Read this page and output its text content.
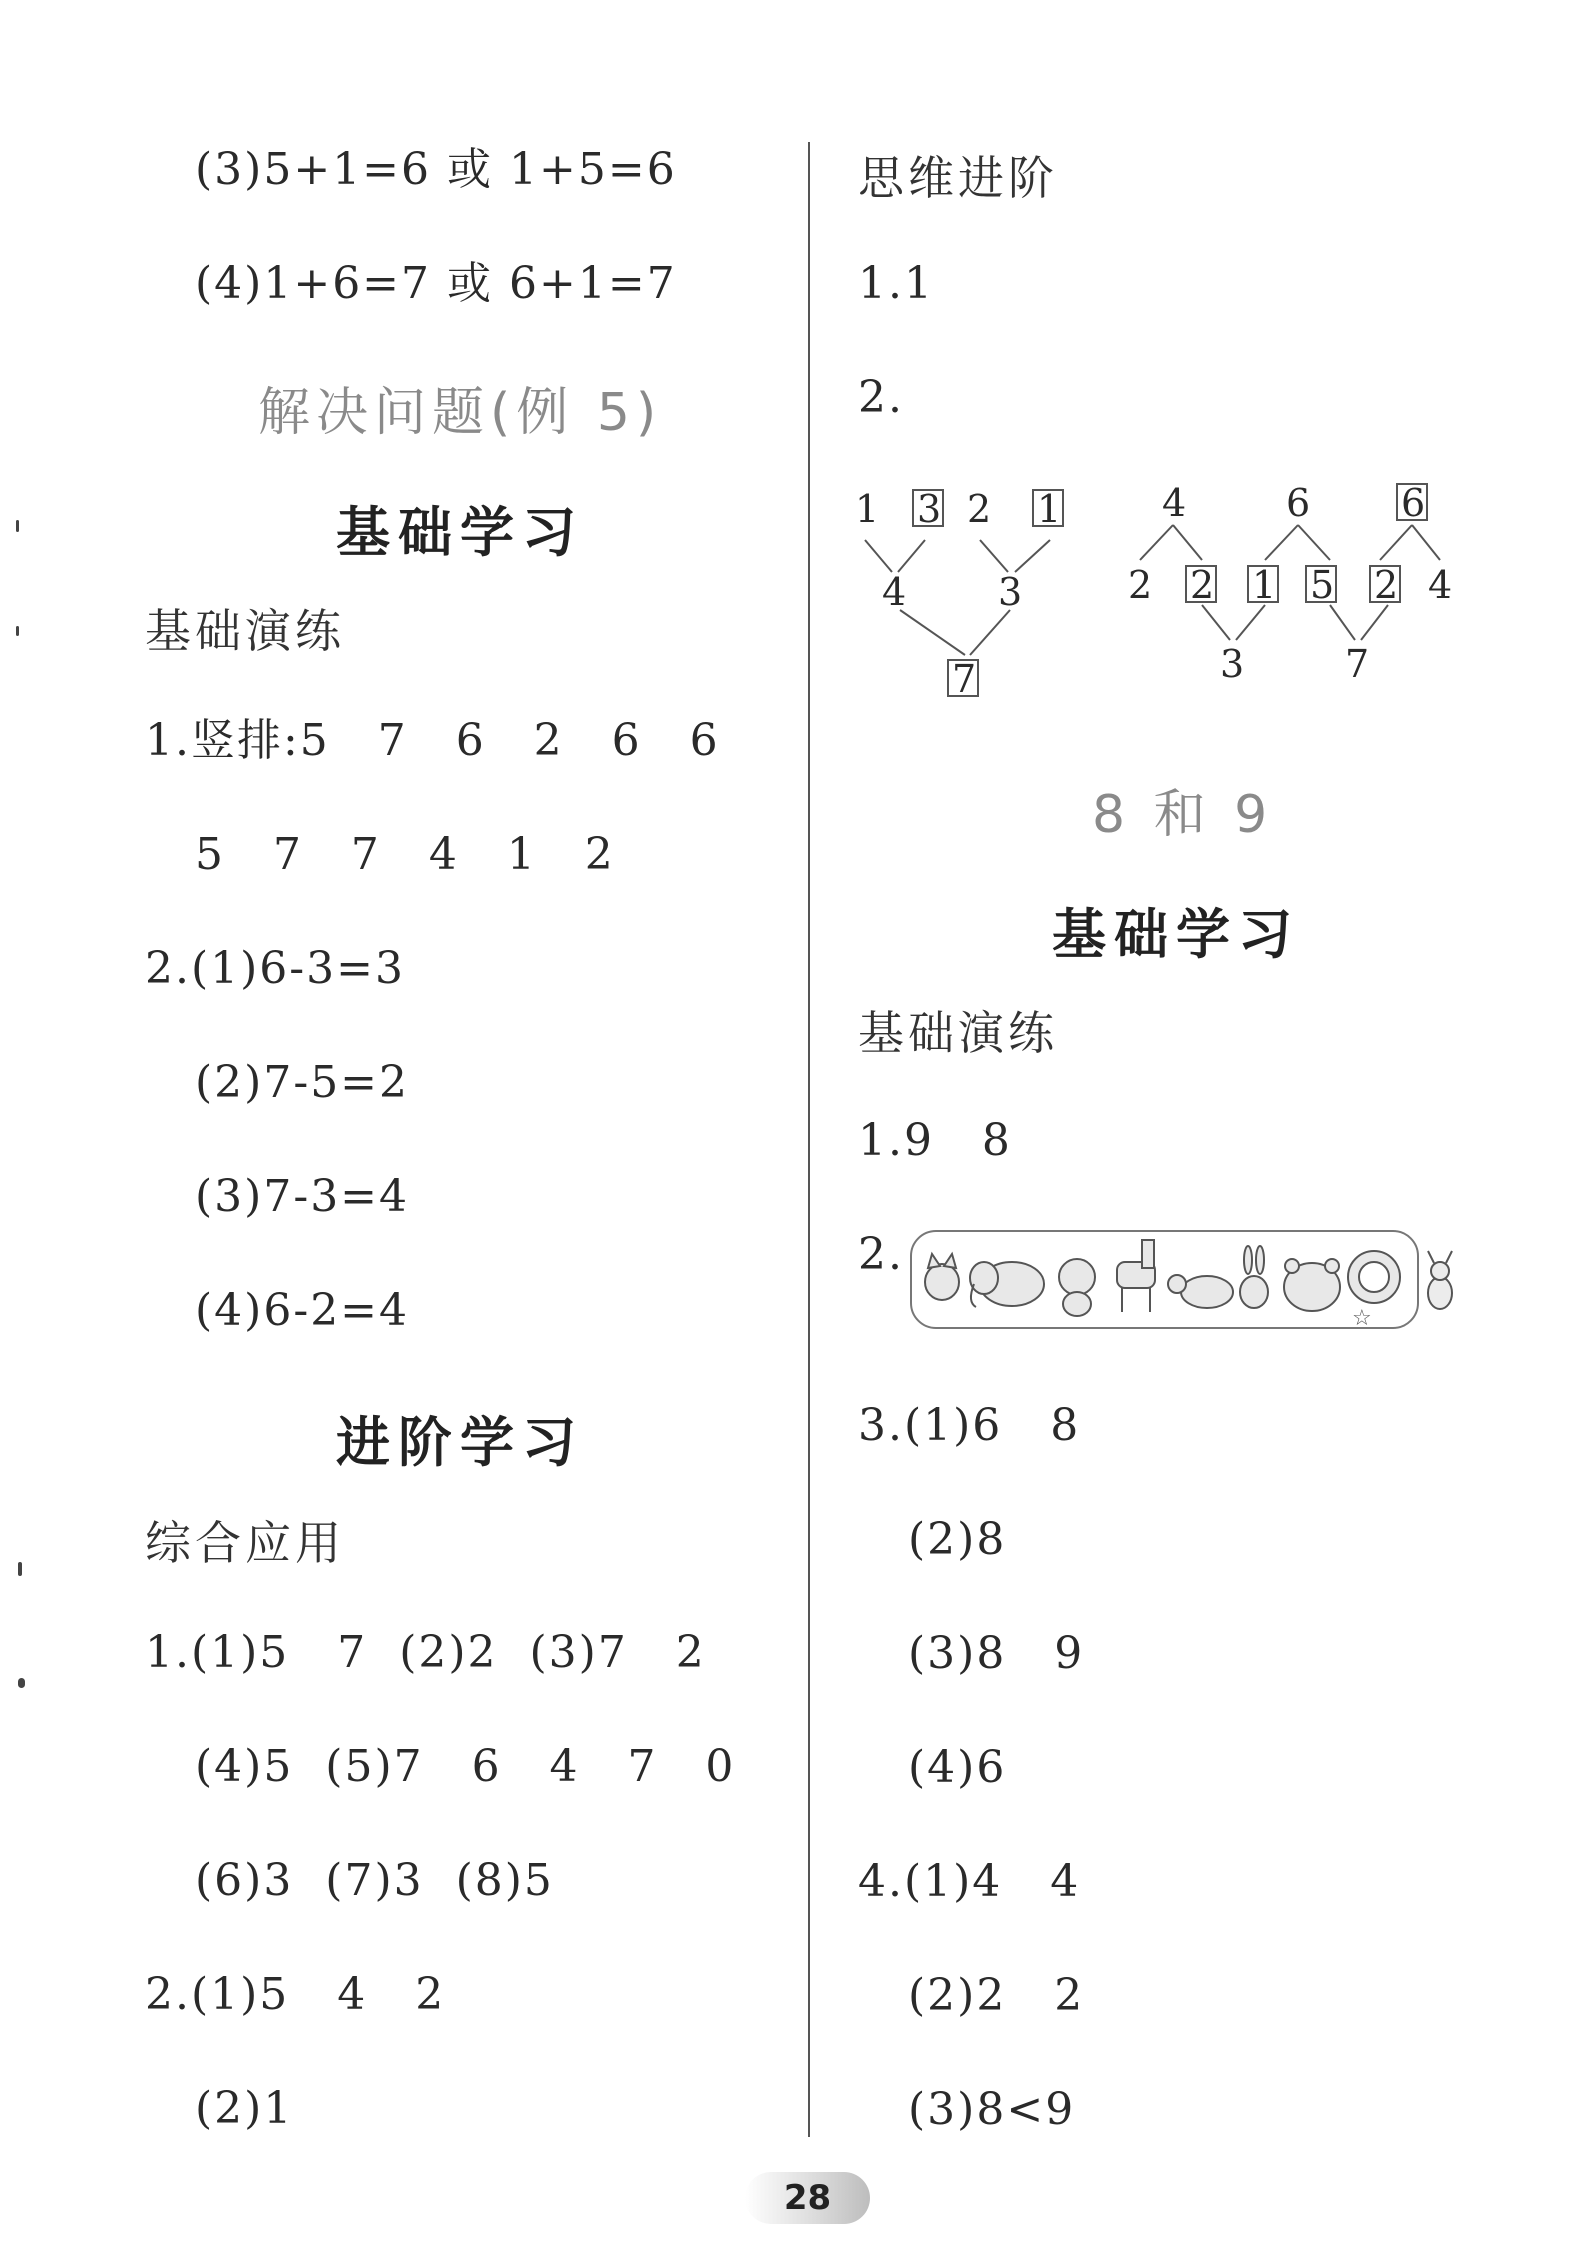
(3)5+1=6 或 1+5=6
(4)1+6=7 或 6+1=7
解决问题(例 5)
基础学习
基础演练
1.竖排:5   7   6   2   6   6
5   7   7   4   1   2
2.(1)6-3=3
(2)7-5=2
(3)7-3=4
(4)6-2=4
进阶学习
综合应用
1.(1)5   7  (2)2  (3)7   2
(4)5  (5)7   6   4   7   0
(6)3  (7)3  (8)5
2.(1)5   4   2
(2)1
思维进阶
1.1
2.
1 3 2 1
4 3
7
4	6 6
2 2 1 5 2 4
3	7
8 和 9
基础学习
基础演练
1.9   8
2.
☆
3.(1)6   8
(2)8
(3)8   9
(4)6
4.(1)4   4
(2)2   2
(3)8<9
28
